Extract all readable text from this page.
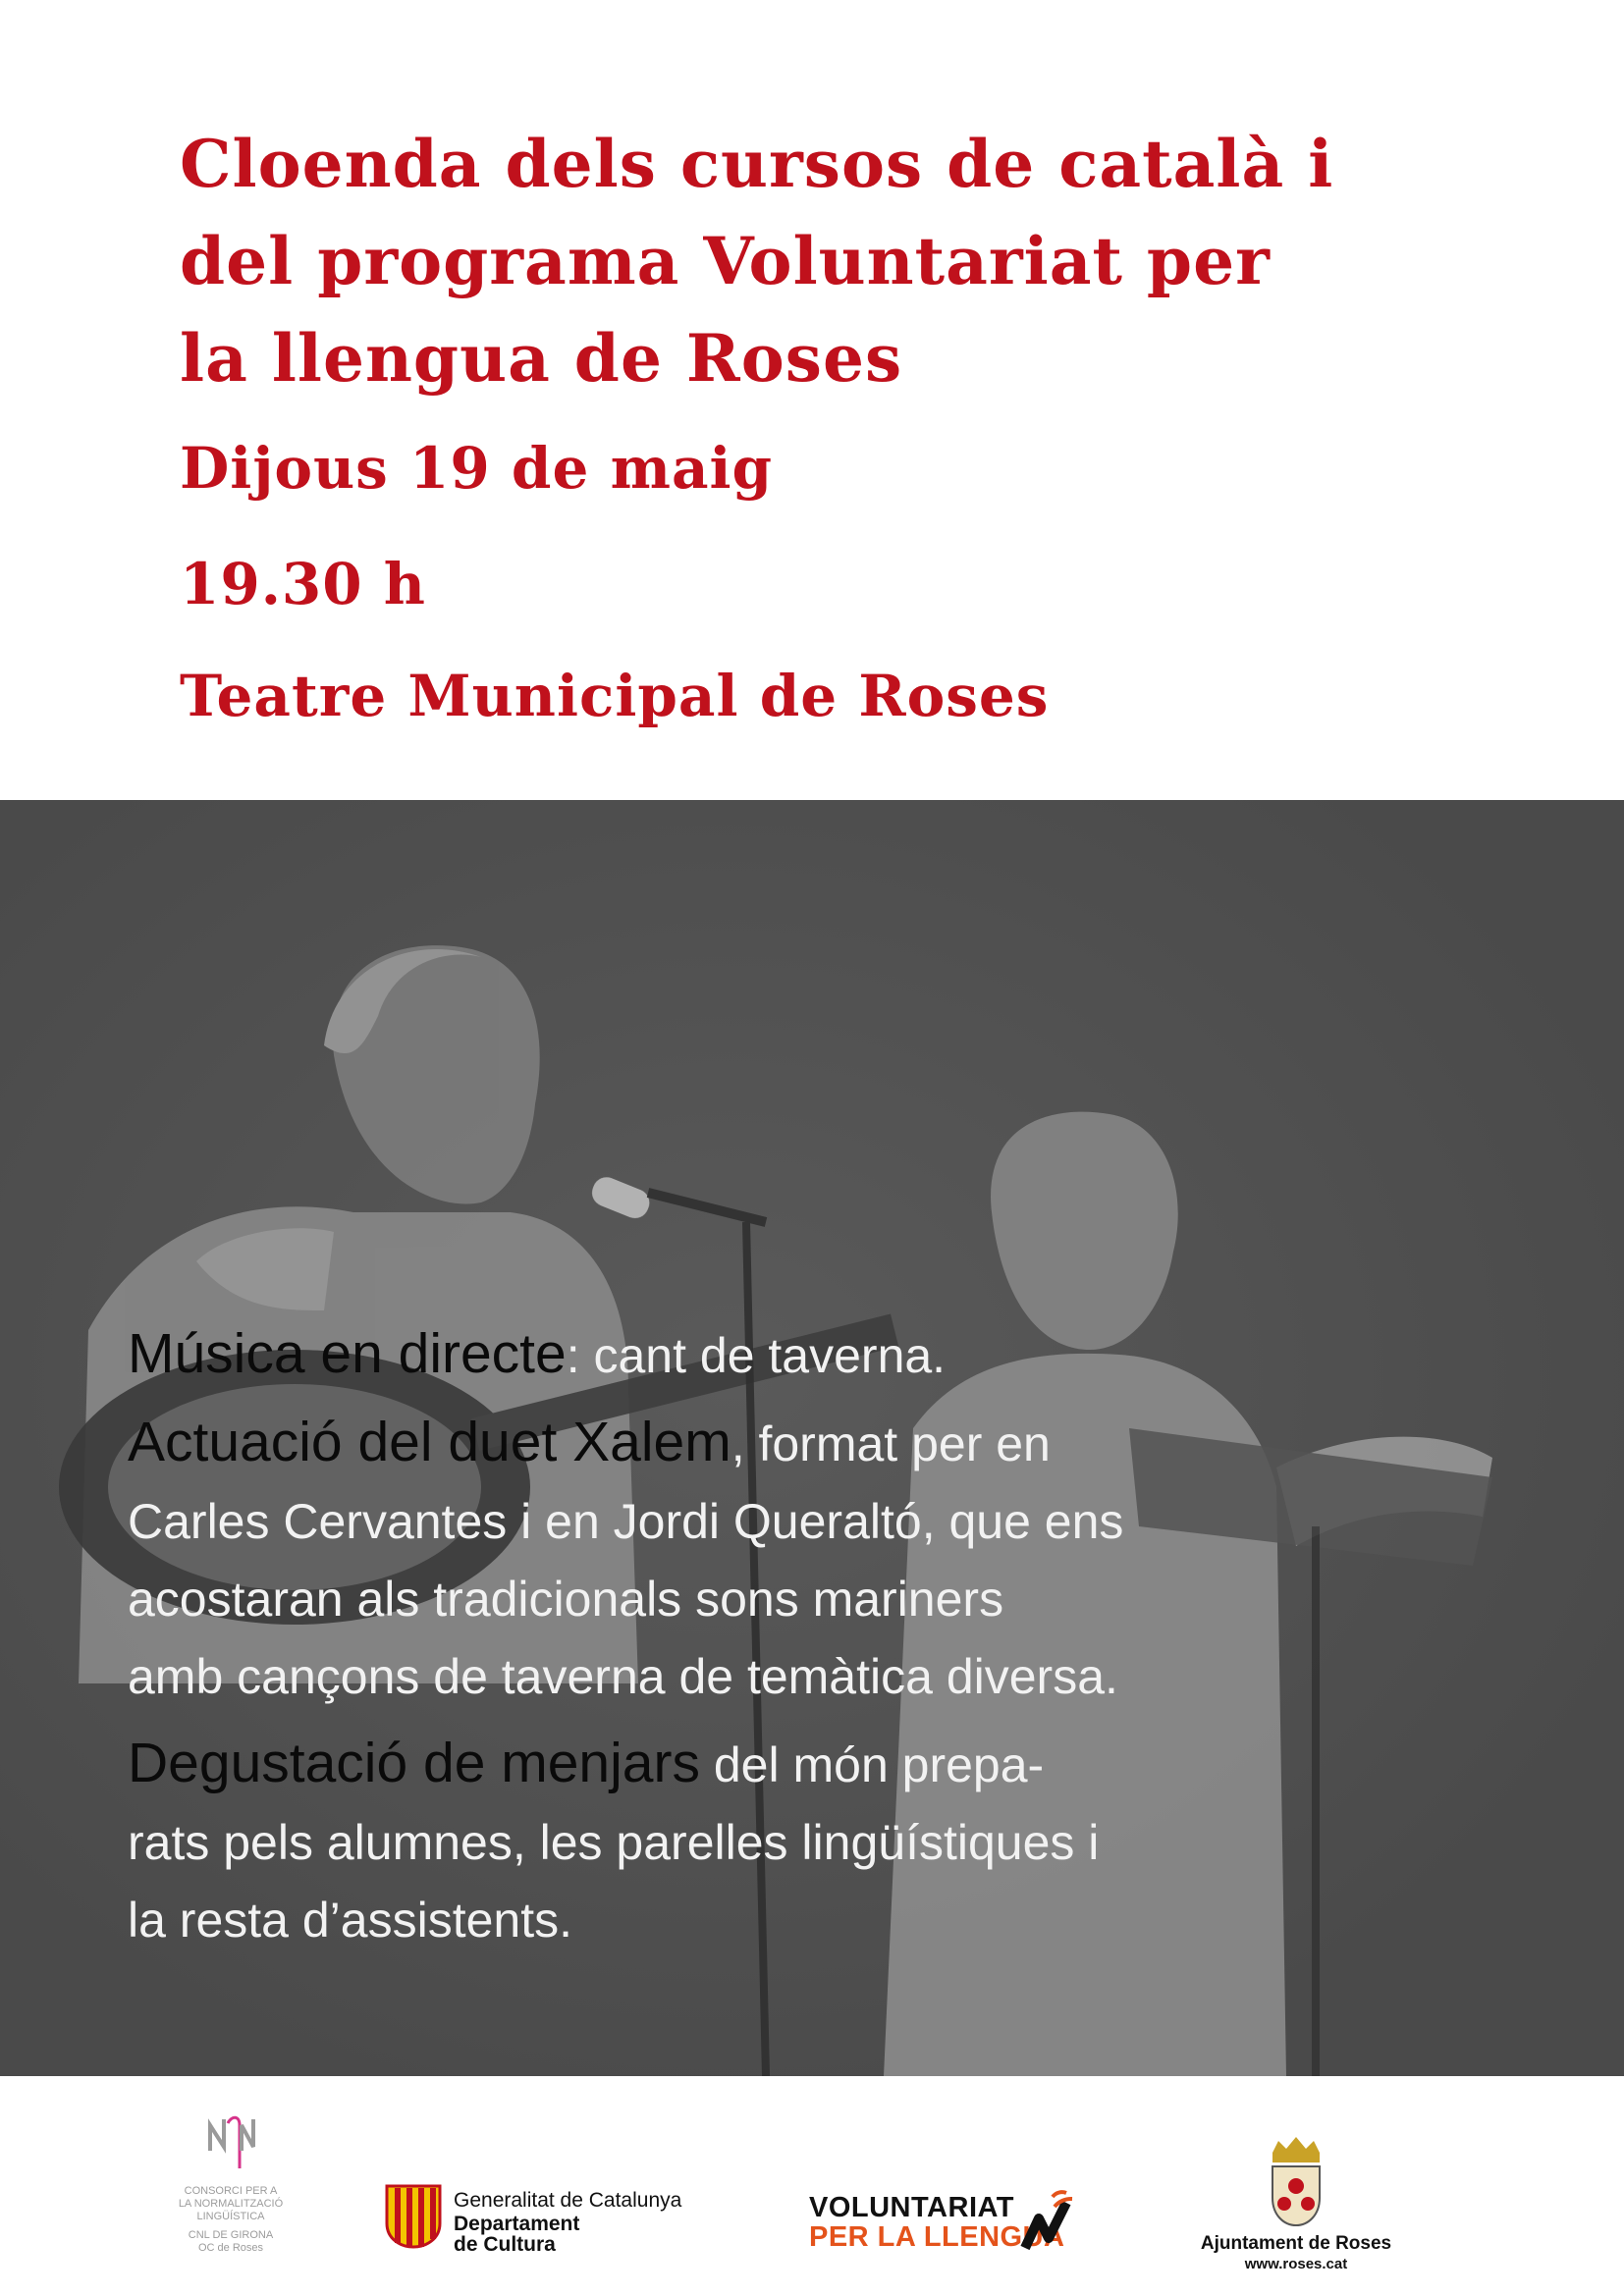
Cloenda dels cursos de català i
del programa Voluntariat per
la llengua de Roses

Dijous 19 de maig

19.30 h

Teatre Municipal de Roses

Música en directe: cant de taverna.

Actuació del duet Xalem, format per en
Carles Cervantes i en Jordi Queraltó, que ens
acostaran als tradicionals sons mariners
amb cançons de taverna de temàtica diversa.

Degustació de menjars del món prepa-
rats pels alumnes, les parelles lingüístiques i
la resta d’assistents.

CONSORCI PER A
LA NORMALITZACIÓ
LINGÜÍSTICA
CNL DE GIRONA
OC de Roses
Generalitat de Catalunya
Departament
de Cultura
VOLUNTARIAT
PER LA LLENGUA	Ajuntament de Roses
www.roses.cat
